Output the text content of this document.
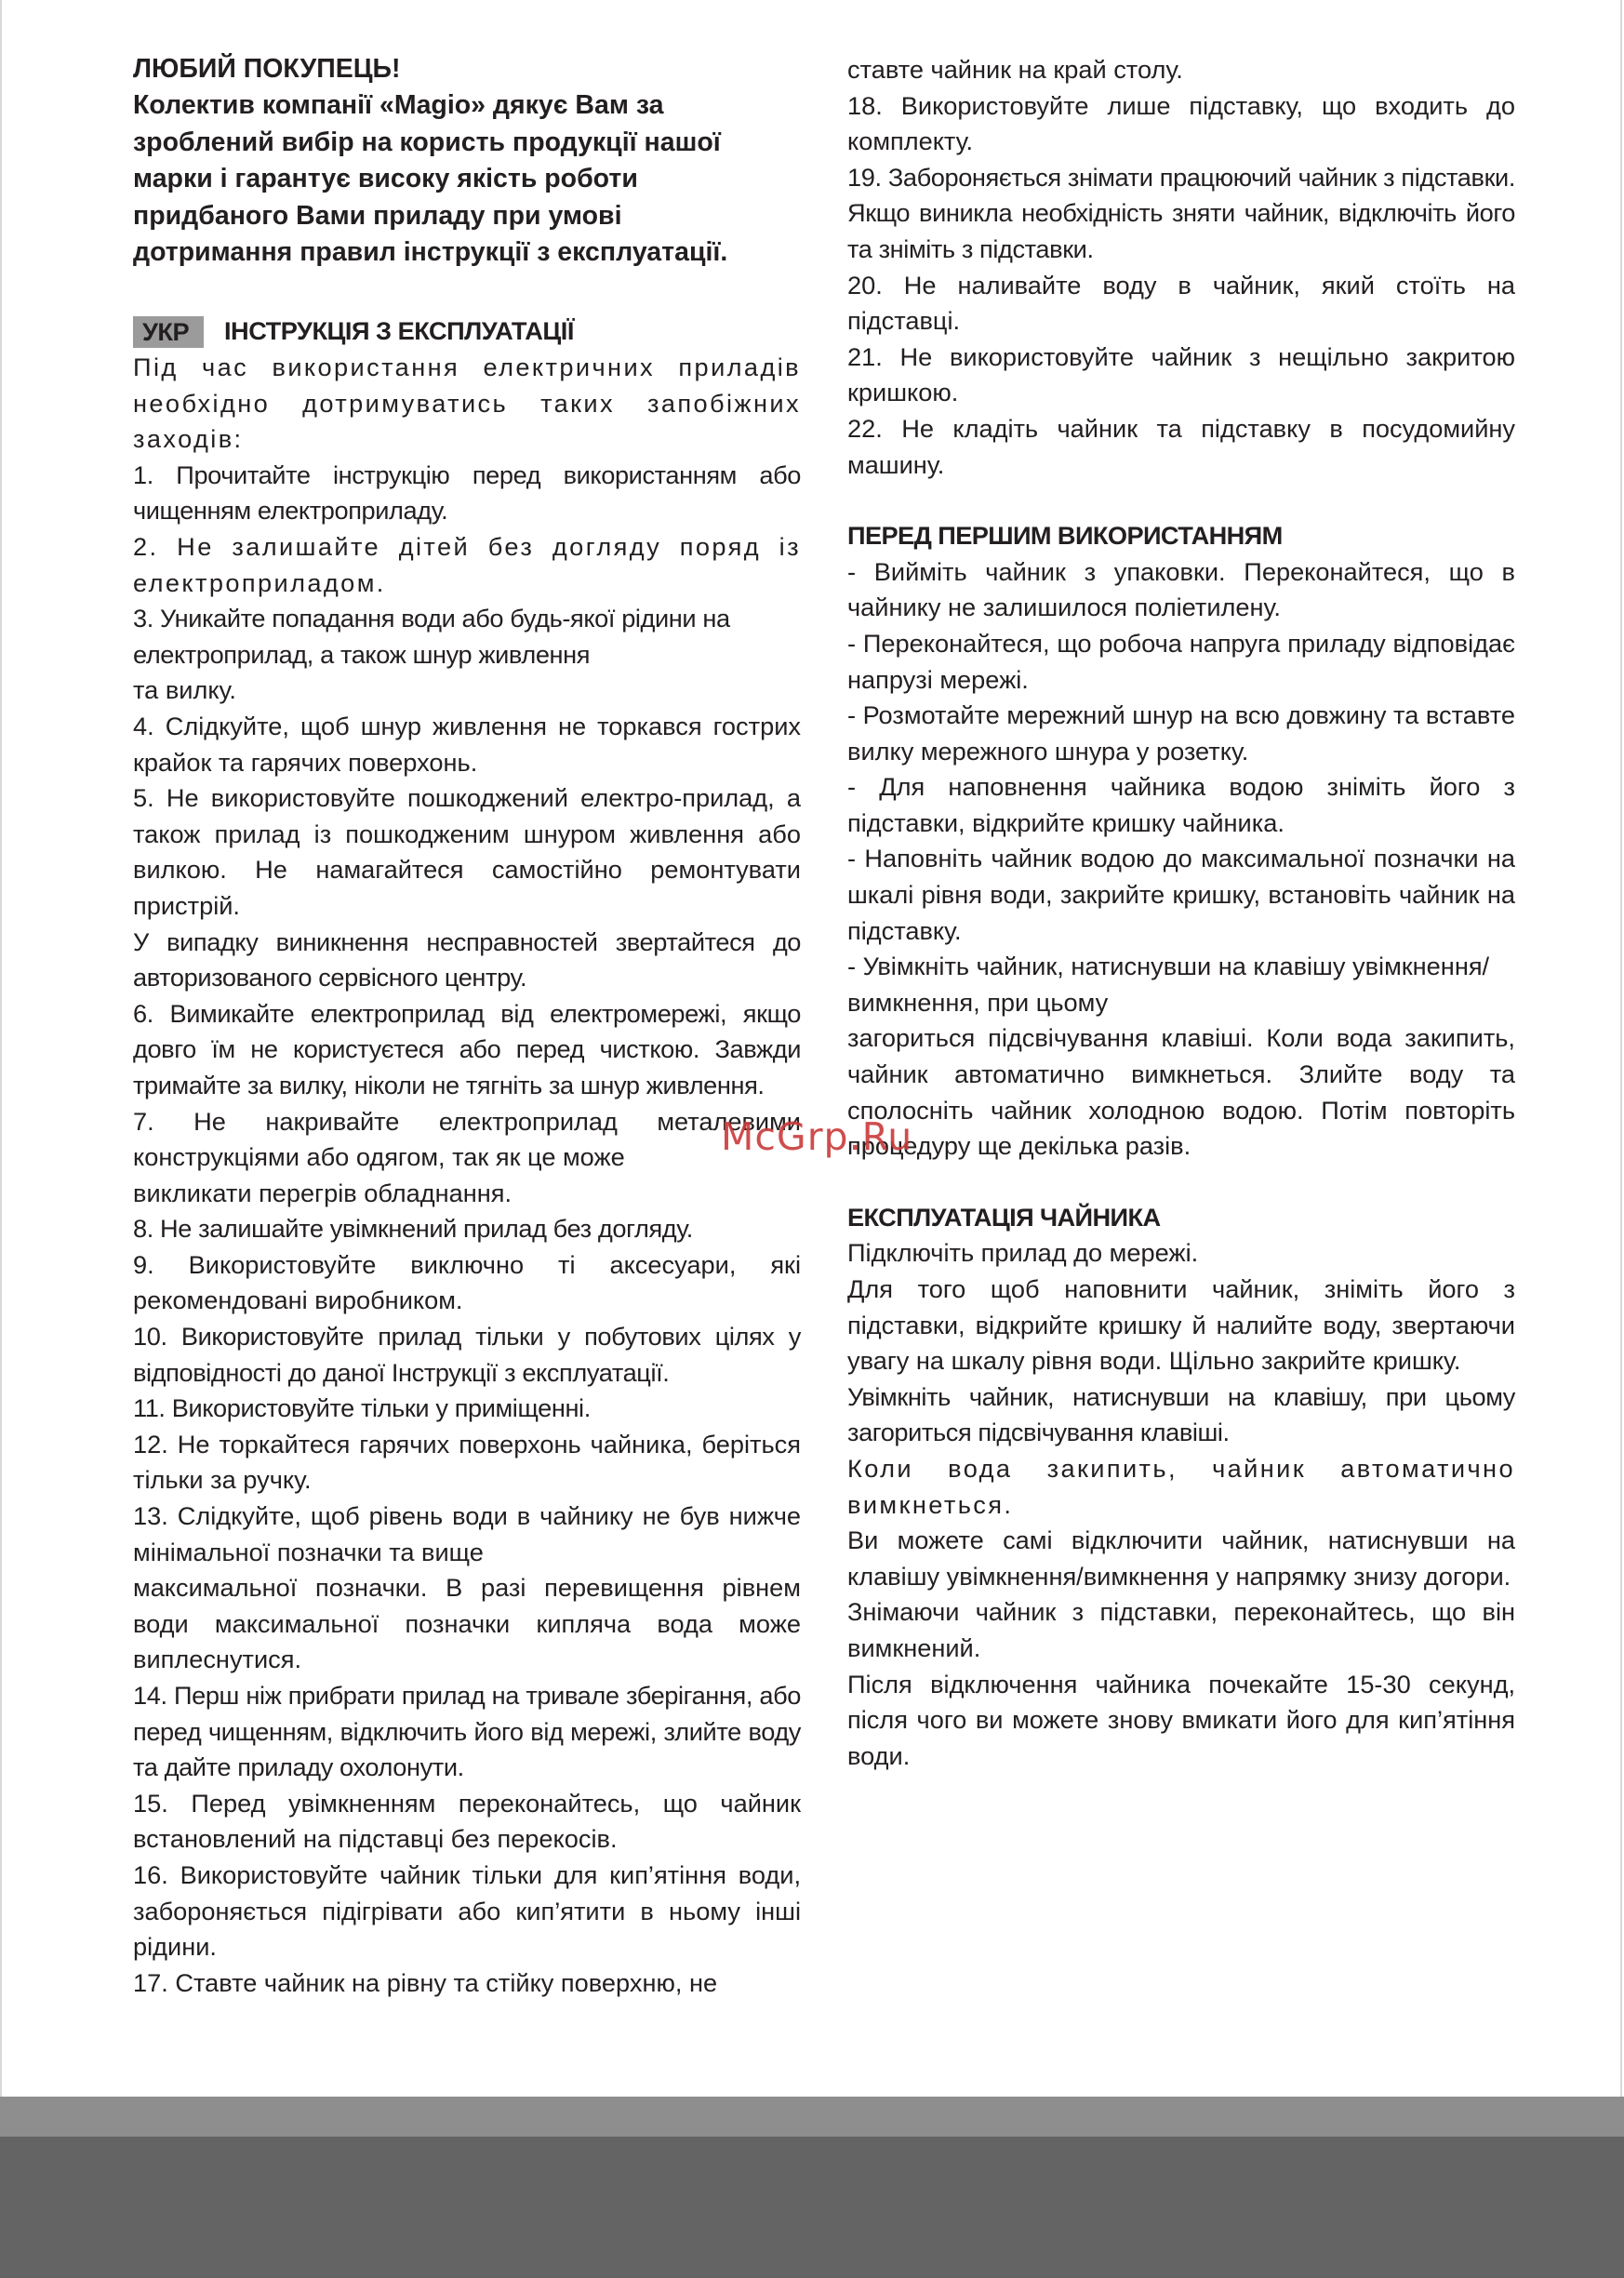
ЛЮБИЙ ПОКУПЕЦЬ!

Колектив компанії «Magio» дякує Вам за

зроблений вибір на користь продукції нашої

марки і гарантує високу якість роботи

придбаного Вами приладу при умові

дотримання правил інструкції з експлуатації.

УКР	ІНСТРУКЦІЯ З ЕКСПЛУАТАЦІЇ

Під час використання електричних приладів необхідно дотримуватись таких запобіжних заходів:

1. Прочитайте інструкцію перед використанням або чищенням електроприладу.

2. Не залишайте дітей без догляду поряд із електроприладом.

3. Уникайте попадання води або будь-якої рідини на електроприлад, а також шнур живлення

та вилку.

4. Слідкуйте, щоб шнур живлення не торкався гострих крайок та гарячих поверхонь.

5. Не використовуйте пошкоджений електро-прилад, а також прилад із пошкодженим шнуром живлення або вилкою. Не намагайтеся самостійно ремонтувати пристрій.

У випадку виникнення несправностей звертайтеся до авторизованого сервісного центру.

6. Вимикайте електроприлад від електромережі, якщо довго їм не користуєтеся або перед чисткою. Завжди тримайте за вилку, ніколи не тягніть за шнур живлення.

7. Не накривайте електроприлад металевими конструкціями або одягом, так як це може

викликати перегрів обладнання.

8. Не залишайте увімкнений прилад без догляду.

9. Використовуйте виключно ті аксесуари, які рекомендовані виробником.

10. Використовуйте прилад тільки у побутових цілях у відповідності до даної Інструкції з експлуатації.

11. Використовуйте тільки у приміщенні.

12. Не торкайтеся гарячих поверхонь чайника, беріться тільки за ручку.

13. Слідкуйте, щоб рівень води в чайнику не був нижче мінімальної позначки та вище

максимальної позначки. В разі перевищення рівнем води максимальної позначки кипляча вода може виплеснутися.

14. Перш ніж прибрати прилад на тривале зберігання, або перед чищенням, відключить його від мережі, злийте воду та дайте приладу охолонути.

15. Перед увімкненням переконайтесь, що чайник встановлений на підставці без перекосів.

16. Використовуйте чайник тільки для кип’ятіння води, забороняється підігрівати або кип’ятити в ньому інші рідини.

17. Ставте чайник на рівну та стійку поверхню, не

ставте чайник на край столу.

18. Використовуйте лише підставку, що входить до комплекту.

19. Забороняється знімати працюючий чайник з підставки. Якщо виникла необхідність зняти чайник, відключіть його та зніміть з підставки.

20. Не наливайте воду в чайник, який стоїть на підставці.

21. Не використовуйте чайник з нещільно закритою кришкою.

22. Не кладіть чайник та підставку в посудомийну машину.

ПЕРЕД ПЕРШИМ ВИКОРИСТАННЯМ

- Вийміть чайник з упаковки. Переконайтеся, що в чайнику не залишилося поліетилену.

- Переконайтеся, що робоча напруга приладу відповідає напрузі мережі.

- Розмотайте мережний шнур на всю довжину та вставте вилку мережного шнура у розетку.

- Для наповнення чайника водою зніміть його з підставки, відкрийте кришку чайника.

- Наповніть чайник водою до максимальної позначки на шкалі рівня води, закрийте кришку, встановіть чайник на підставку.

- Увімкніть чайник, натиснувши на клавішу увімкнення/вимкнення, при цьому

загориться підсвічування клавіші. Коли вода закипить, чайник автоматично вимкнеться. Злийте воду та сполосніть чайник холодною водою. Потім повторіть процедуру ще декілька разів.

ЕКСПЛУАТАЦІЯ ЧАЙНИКА

Підключіть прилад до мережі.

Для того щоб наповнити чайник, зніміть його з підставки, відкрийте кришку й налийте воду, звертаючи увагу на шкалу рівня води. Щільно закрийте кришку.

Увімкніть чайник, натиснувши на клавішу, при цьому загориться підсвічування клавіші.

Коли вода закипить, чайник автоматично вимкнеться.

Ви можете самі відключити чайник, натиснувши на клавішу увімкнення/вимкнення у напрямку знизу догори.

Знімаючи чайник з підставки, переконайтесь, що він вимкнений.

Після відключення чайника почекайте 15-30 секунд, після чого ви можете знову вмикати його для кип’ятіння води.

McGrp.Ru
